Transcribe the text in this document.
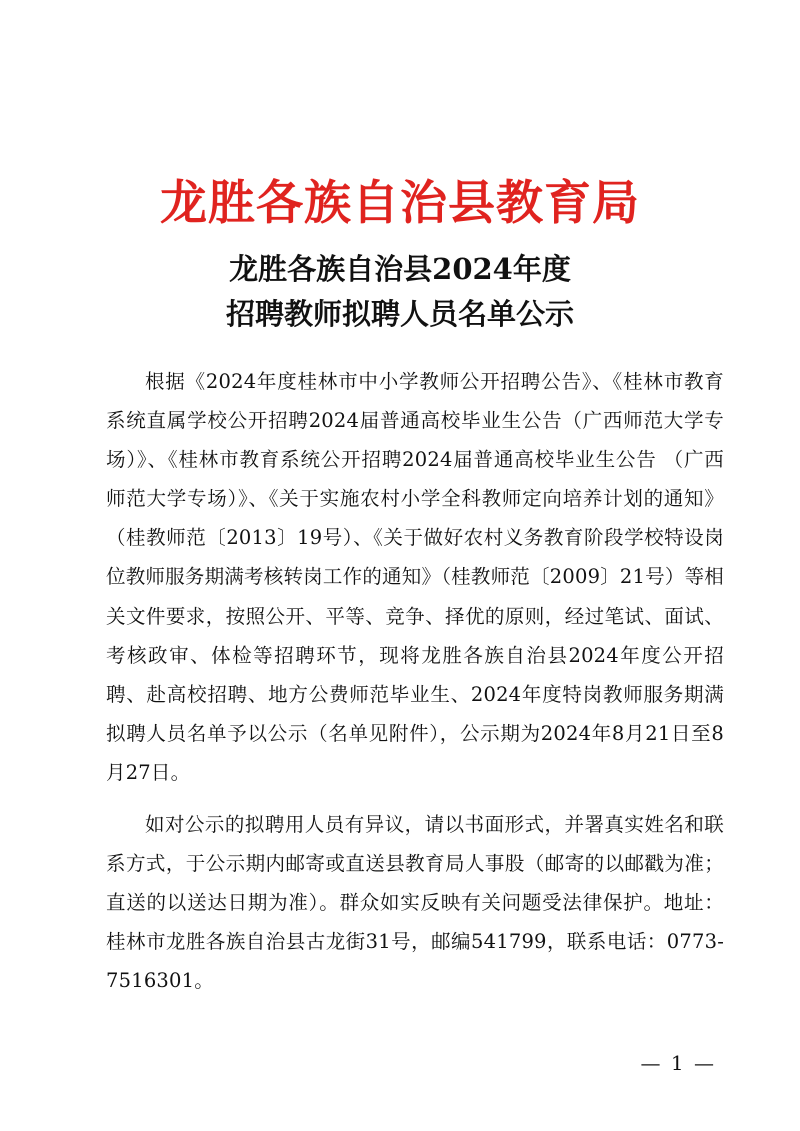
龙胜各族自治县教育局
龙胜各族自治县2024年度
招聘教师拟聘人员名单公示

根据《2024年度桂林市中小学教师公开招聘公告》、《桂林市教育系统直属学校公开招聘2024届普通高校毕业生公告（广西师范大学专场）》、《桂林市教育系统公开招聘2024届普通高校毕业生公告 （广西师范大学专场）》、《关于实施农村小学全科教师定向培养计划的通知》（桂教师范〔2013〕19号）、《关于做好农村义务教育阶段学校特设岗位教师服务期满考核转岗工作的通知》（桂教师范〔2009〕21号）等相关文件要求，按照公开、平等、竞争、择优的原则，经过笔试、面试、考核政审、体检等招聘环节，现将龙胜各族自治县2024年度公开招聘、赴高校招聘、地方公费师范毕业生、2024年度特岗教师服务期满拟聘人员名单予以公示（名单见附件），公示期为2024年8月21日至8月27日。

如对公示的拟聘用人员有异议，请以书面形式，并署真实姓名和联系方式，于公示期内邮寄或直送县教育局人事股（邮寄的以邮戳为准；直送的以送达日期为准）。群众如实反映有关问题受法律保护。地址：桂林市龙胜各族自治县古龙街31号，邮编541799，联系电话：0773-7516301。

— 1 —
